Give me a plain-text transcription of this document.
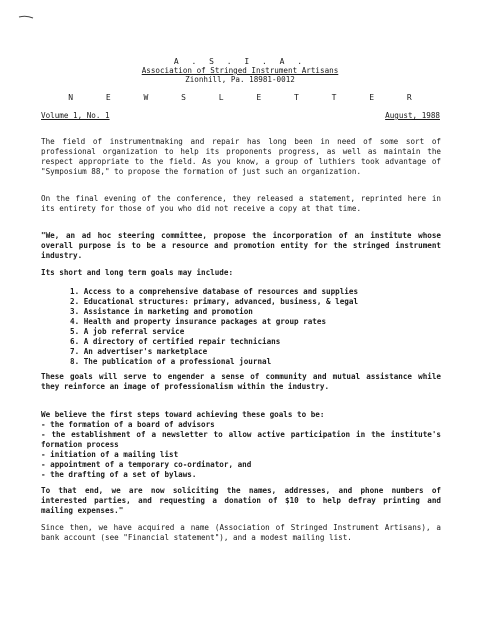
A . S . I . A .
Association of Stringed Instrument Artisans
Zionhill, Pa. 18981-0012
N E W S L E T T E R
Volume 1, No. 1	August, 1988

The field of instrumentmaking and repair has long been in need of some sort of professional organization to help its proponents progress, as well as maintain the respect appropriate to the field. As you know, a group of luthiers took advantage of "Symposium 88," to propose the formation of just such an organization.

On the final evening of the conference, they released a statement, reprinted here in its entirety for those of you who did not receive a copy at that time.

"We, an ad hoc steering committee, propose the incorporation of an institute whose overall purpose is to be a resource and promotion entity for the stringed instrument industry.

Its short and long term goals may include:

1. Access to a comprehensive database of resources and supplies
2. Educational structures: primary, advanced, business, & legal
3. Assistance in marketing and promotion
4. Health and property insurance packages at group rates
5. A job referral service
6. A directory of certified repair technicians
7. An advertiser's marketplace
8. The publication of a professional journal

These goals will serve to engender a sense of community and mutual assistance while they reinforce an image of professionalism within the industry.

We believe the first steps toward achieving these goals to be:
- the formation of a board of advisors

- the establishment of a newsletter to allow active participation in the institute's formation process

- initiation of a mailing list
- appointment of a temporary co-ordinator, and
- the drafting of a set of bylaws.

To that end, we are now soliciting the names, addresses, and phone numbers of interested parties, and requesting a donation of $10 to help defray printing and mailing expenses."

Since then, we have acquired a name (Association of Stringed Instrument Artisans), a bank account (see "Financial statement"), and a modest mailing list.
